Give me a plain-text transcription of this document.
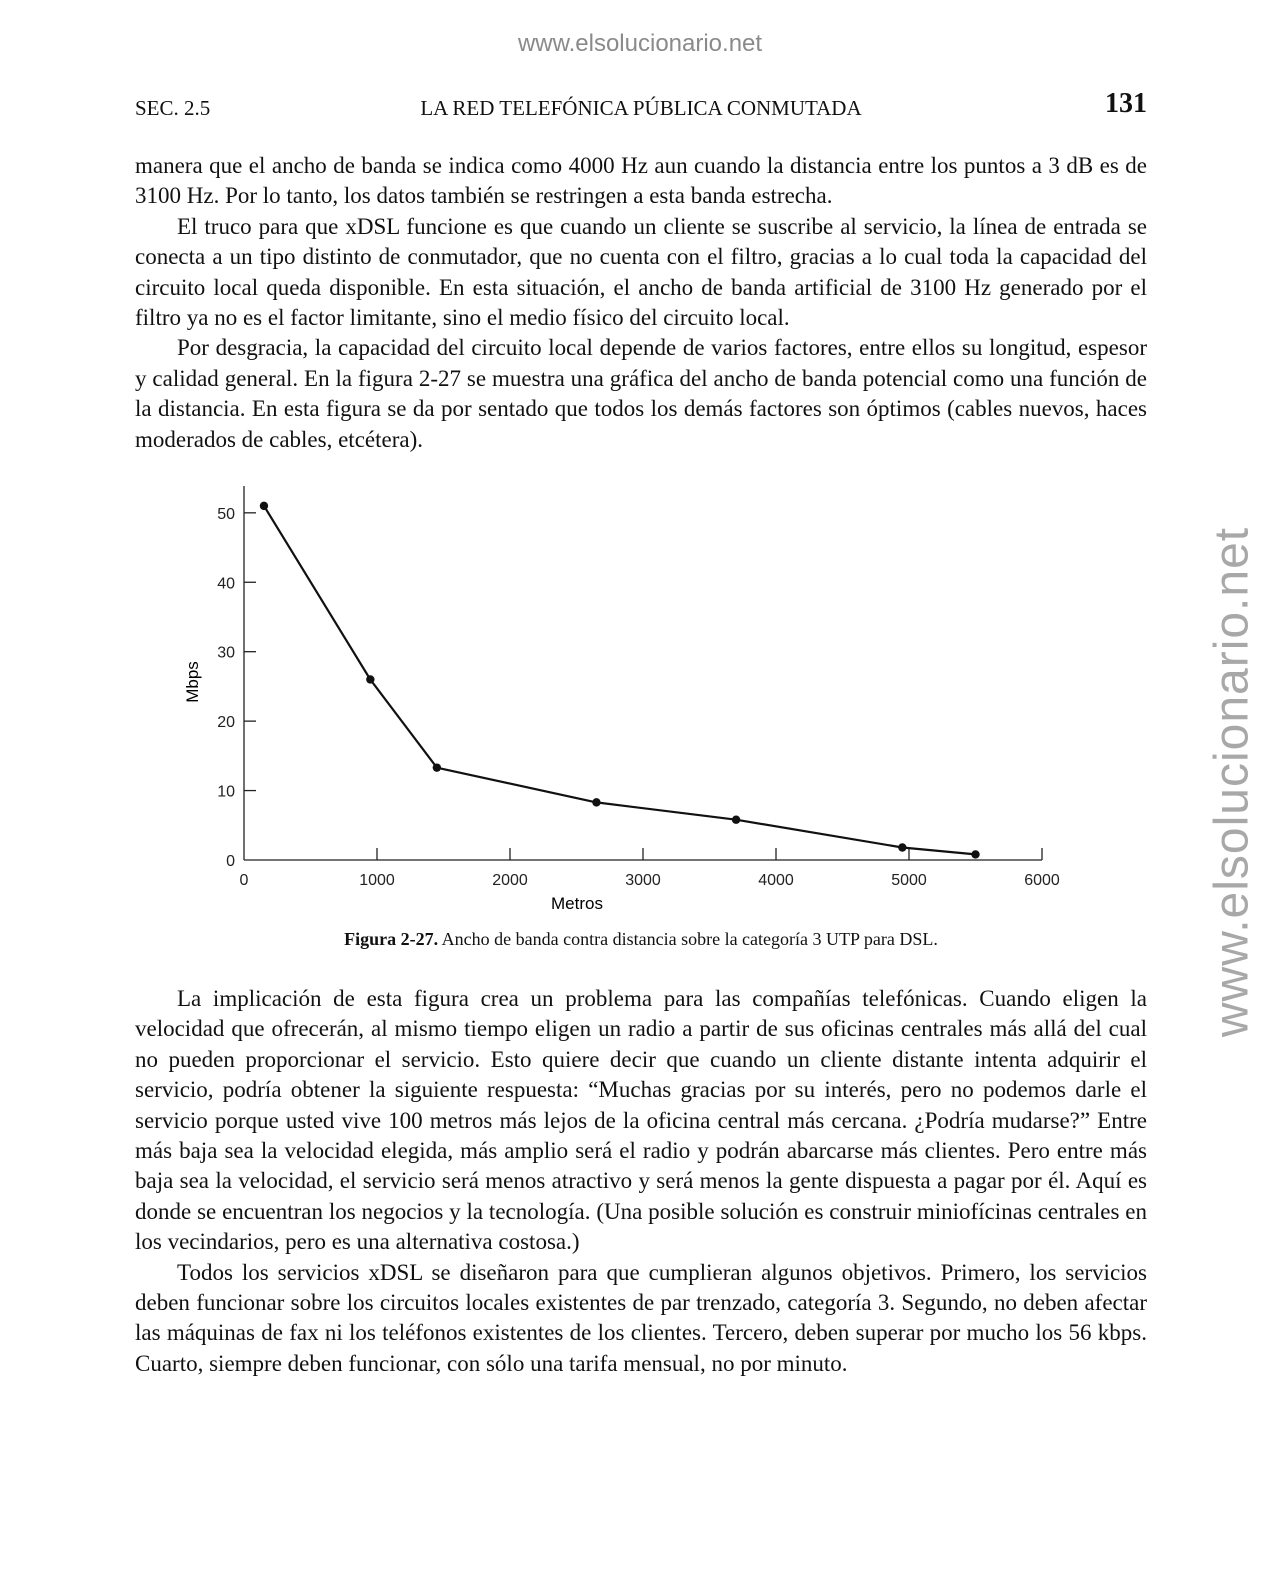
www.elsolucionario.net
www.elsolucionario.net
SEC. 2.5	LA RED TELEFÓNICA PÚBLICA CONMUTADA	131

manera que el ancho de banda se indica como 4000 Hz aun cuando la distancia entre los puntos a 3 dB es de 3100 Hz. Por lo tanto, los datos también se restringen a esta banda estrecha.

El truco para que xDSL funcione es que cuando un cliente se suscribe al servicio, la línea de entrada se conecta a un tipo distinto de conmutador, que no cuenta con el filtro, gracias a lo cual toda la capacidad del circuito local queda disponible. En esta situación, el ancho de banda artificial de 3100 Hz generado por el filtro ya no es el factor limitante, sino el medio físico del circuito local.

Por desgracia, la capacidad del circuito local depende de varios factores, entre ellos su longitud, espesor y calidad general. En la figura 2-27 se muestra una gráfica del ancho de banda potencial como una función de la distancia. En esta figura se da por sentado que todos los demás factores son óptimos (cables nuevos, haces moderados de cables, etcétera).

0	1000	2000	3000	4000	5000	6000
0
10
20
30
40
50
Metros
Mbps
Figura 2-27. Ancho de banda contra distancia sobre la categoría 3 UTP para DSL.

La implicación de esta figura crea un problema para las compañías telefónicas. Cuando eligen la velocidad que ofrecerán, al mismo tiempo eligen un radio a partir de sus oficinas centrales más allá del cual no pueden proporcionar el servicio. Esto quiere decir que cuando un cliente distante intenta adquirir el servicio, podría obtener la siguiente respuesta: “Muchas gracias por su interés, pero no podemos darle el servicio porque usted vive 100 metros más lejos de la oficina central más cercana. ¿Podría mudarse?” Entre más baja sea la velocidad elegida, más amplio será el radio y podrán abarcarse más clientes. Pero entre más baja sea la velocidad, el servicio será menos atractivo y será menos la gente dispuesta a pagar por él. Aquí es donde se encuentran los negocios y la tecnología. (Una posible solución es construir miniofícinas centrales en los vecindarios, pero es una alternativa costosa.)

Todos los servicios xDSL se diseñaron para que cumplieran algunos objetivos. Primero, los servicios deben funcionar sobre los circuitos locales existentes de par trenzado, categoría 3. Segundo, no deben afectar las máquinas de fax ni los teléfonos existentes de los clientes. Tercero, deben superar por mucho los 56 kbps. Cuarto, siempre deben funcionar, con sólo una tarifa mensual, no por minuto.
